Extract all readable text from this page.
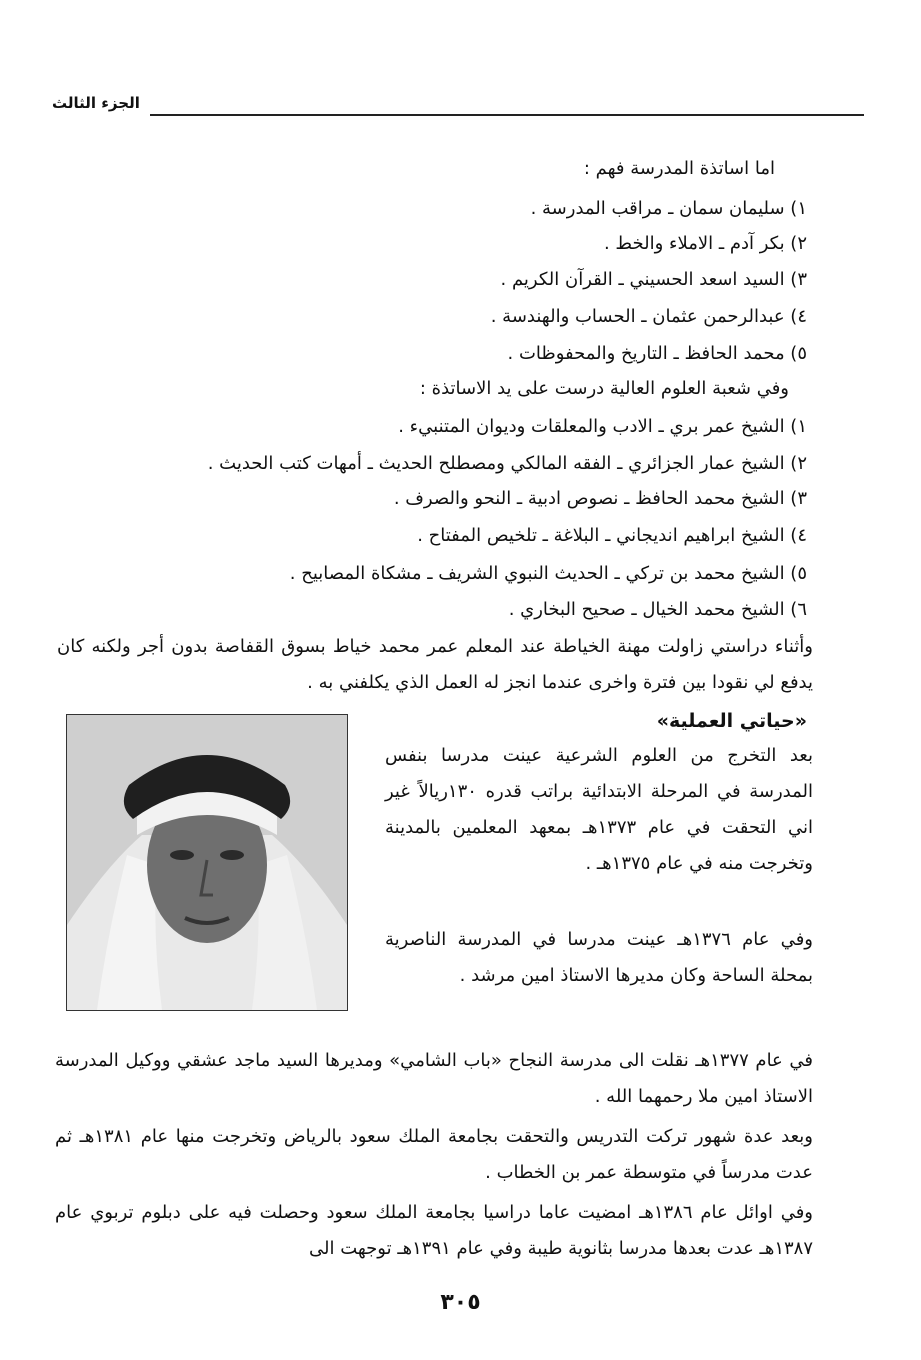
الجزء الثالث
اما اساتذة المدرسة فهم :
١) سليمان سمان ـ مراقب المدرسة .
٢) بكر آدم ـ الاملاء والخط .
٣) السيد اسعد الحسيني ـ القرآن الكريم .
٤) عبدالرحمن عثمان ـ الحساب والهندسة .
٥) محمد الحافظ ـ التاريخ والمحفوظات .
وفي شعبة العلوم العالية درست على يد الاساتذة :
١) الشيخ عمر بري ـ الادب والمعلقات وديوان المتنبيء .
٢) الشيخ عمار الجزائري ـ الفقه المالكي ومصطلح الحديث ـ أمهات كتب الحديث .
٣) الشيخ محمد الحافظ ـ نصوص ادبية ـ النحو والصرف .
٤) الشيخ ابراهيم انديجاني ـ البلاغة ـ تلخيص المفتاح .
٥) الشيخ محمد بن تركي ـ الحديث النبوي الشريف ـ مشكاة المصابيح .
٦) الشيخ محمد الخيال ـ صحيح البخاري .
وأثناء دراستي زاولت مهنة الخياطة عند المعلم عمر محمد خياط بسوق القفاصة بدون أجر ولكنه كان يدفع لي نقودا بين فترة واخرى عندما انجز له العمل الذي يكلفني به .
«حياتي العملية»
بعد التخرج من العلوم الشرعية عينت مدرسا بنفس المدرسة في المرحلة الابتدائية براتب قدره ١٣٠ريالاً غير اني التحقت في عام ١٣٧٣هـ بمعهد المعلمين بالمدينة وتخرجت منه في عام ١٣٧٥هـ .
وفي عام ١٣٧٦هـ عينت مدرسا في المدرسة الناصرية بمحلة الساحة وكان مديرها الاستاذ امين مرشد .
في عام ١٣٧٧هـ نقلت الى مدرسة النجاح «باب الشامي» ومديرها السيد ماجد عشقي ووكيل المدرسة الاستاذ امين ملا رحمهما الله .
وبعد عدة شهور تركت التدريس والتحقت بجامعة الملك سعود بالرياض وتخرجت منها عام ١٣٨١هـ ثم عدت مدرساً في متوسطة عمر بن الخطاب .
وفي اوائل عام ١٣٨٦هـ امضيت عاما دراسيا بجامعة الملك سعود وحصلت فيه على دبلوم تربوي عام ١٣٨٧هـ عدت بعدها مدرسا بثانوية طيبة وفي عام ١٣٩١هـ توجهت الى
٣٠٥
